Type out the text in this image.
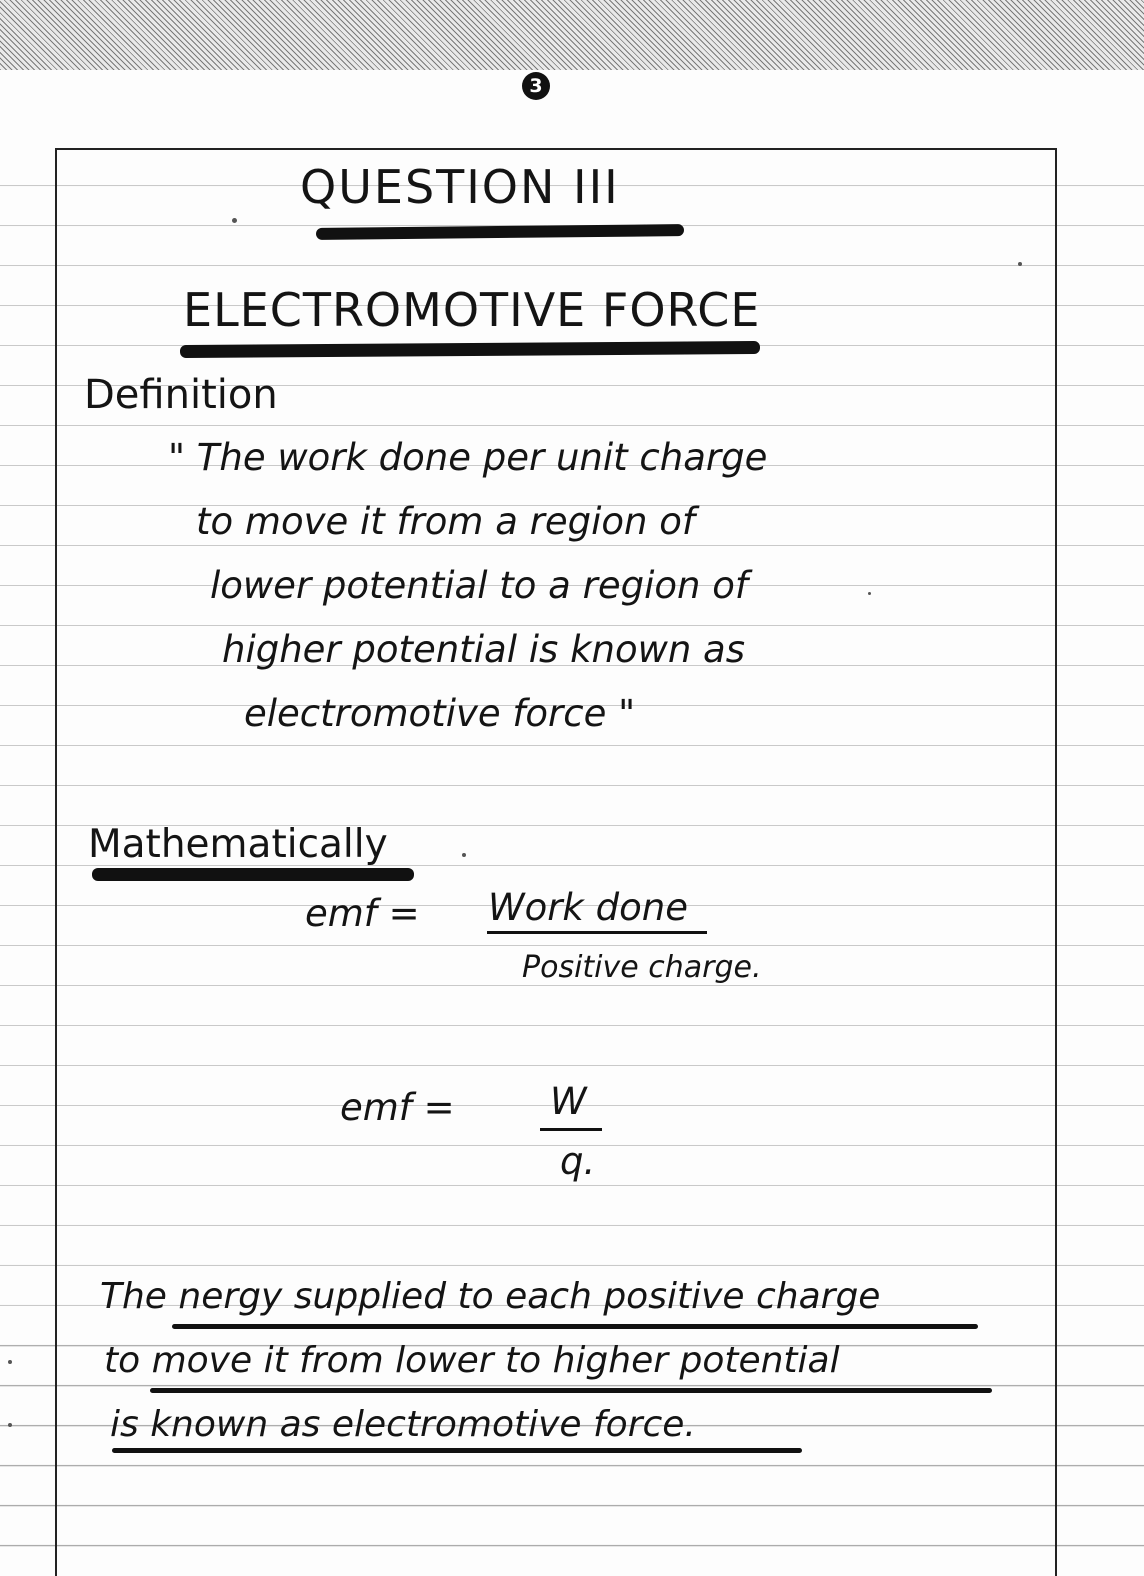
3
QUESTION III
ELECTROMOTIVE FORCE
Definition
" The work done per unit charge
to move it from a region of
lower potential to a region of
higher potential is known as
electromotive force "
Mathematically
emf = Work done
Positive charge.
emf =	W
q.
The nergy supplied to each positive charge
to move it from lower to higher potential
is known as electromotive force.
